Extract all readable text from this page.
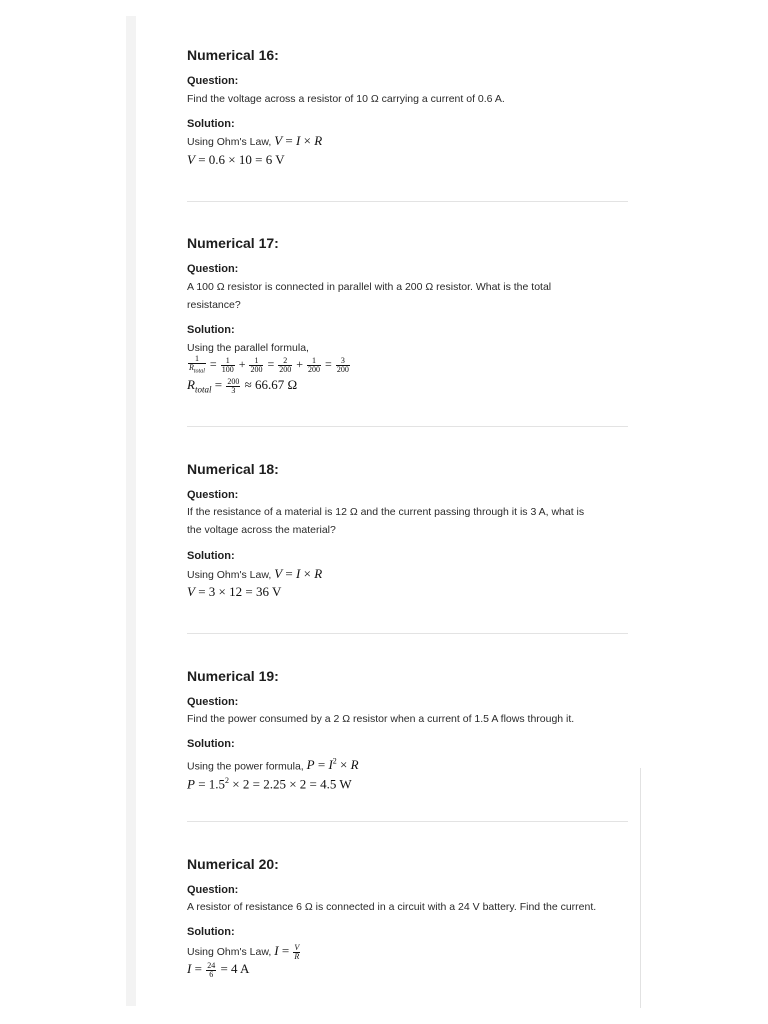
Numerical 16:
Question:
Find the voltage across a resistor of 10 Ω carrying a current of 0.6 A.
Solution:
Using Ohm's Law, V = I × R
V = 0.6 × 10 = 6 V
Numerical 17:
Question:
A 100 Ω resistor is connected in parallel with a 200 Ω resistor. What is the total
resistance?
Solution:
Using the parallel formula,
$\frac{1}{R_{total}} = \frac{1}{100} + \frac{1}{200} = \frac{2}{200} + \frac{1}{200} = \frac{3}{200}$
$R_{total} = \frac{200}{3} \approx 66.67$ Ω
Numerical 18:
Question:
If the resistance of a material is 12 Ω and the current passing through it is 3 A, what is
the voltage across the material?
Solution:
Using Ohm's Law, V = I × R
V = 3 × 12 = 36 V
Numerical 19:
Question:
Find the power consumed by a 2 Ω resistor when a current of 1.5 A flows through it.
Solution:
Using the power formula, $P = I^2 \times R$
$P = 1.5^2 \times 2 = 2.25 \times 2 = 4.5$ W
Numerical 20:
Question:
A resistor of resistance 6 Ω is connected in a circuit with a 24 V battery. Find the current.
Solution:
Using Ohm's Law, $I = \frac{V}{R}$
$I = \frac{24}{6} = 4$ A
